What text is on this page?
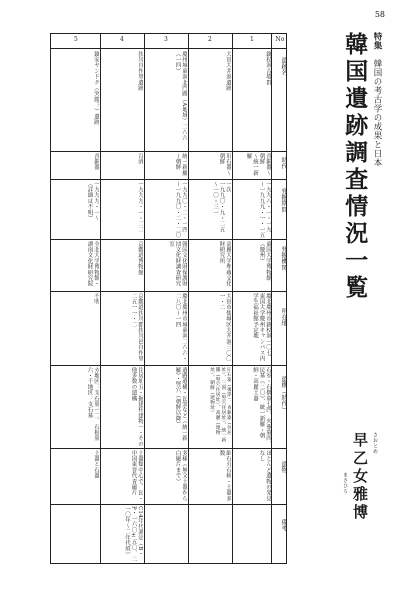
58
特集　韓国の考古学の成果と日本
韓国遺跡調査情況一覧
さおとめ
早乙女雅博
まさひろ
No
遺跡名
時代
発掘期間
発掘機関
所在地
遺構（時代）
遺物
備考
1
鎮杖洞古墳群
青銅器〜朝鮮
〜統一新羅
一九九八・一・一九
〜一九九九・一・一五
東国大学博物館（慶州）
慶北慶州市鎮杖洞一〇七
東国大学慶州キャンパス内学生福祉館予定地
石室・石槨墓七四、火葬墓四、民墓（二〇）、統一新羅・朝鮮・高麗土器
ほとんど遺物の発見なし
2
大田大井洞遺跡
旧石器〜朝鮮
一次
一九九〇・九・二五
〜一〇・三一
高麗大学埋蔵文化財研究所
大田市儒城区大井洞三〇〇一・二
旧石器（後期）、青銅器（住居址）、三国（竪穴住居址）、統一新羅（竪穴住居址）、高麗（建物址）、朝鮮（建物址）
細石刃石核・土器多数
3
慶州城東洞北門路（A地域）二八六（一四）
統一新羅
〜朝鮮
一九九〇・二・一四
〜一九九〇・二・二〇
韓国文化財保護財団文化財調査研究室
慶北慶州市城東洞二八六・二八〇〜一四
遺路遺構・瓦窯など（統一新羅）・竪穴（朝鮮以降）
多様（無文土器から白磁片まで）
4
扶川自作里遺跡
百済
一九九九・一・二二
京畿道博物館
京畿道扶川郡扶川邑自作里二五一一・二
住居址五・掘建柱建物一・その他多数の遺構
土器類中心で、瓦・中国東晋代青磁片
C14年代測定（B・P・一六〇±五〇、二一〇年〜二年代頃）
5
鎮安ヤンドク（突勝？）遺跡
青銅器
一九九九・一〜
（詳細は不明）
全北大学博物館・湖南文化財研究院
不明
カ地区：支石墓一二、石棺墓六・千地区：支石墓
土器と石器
